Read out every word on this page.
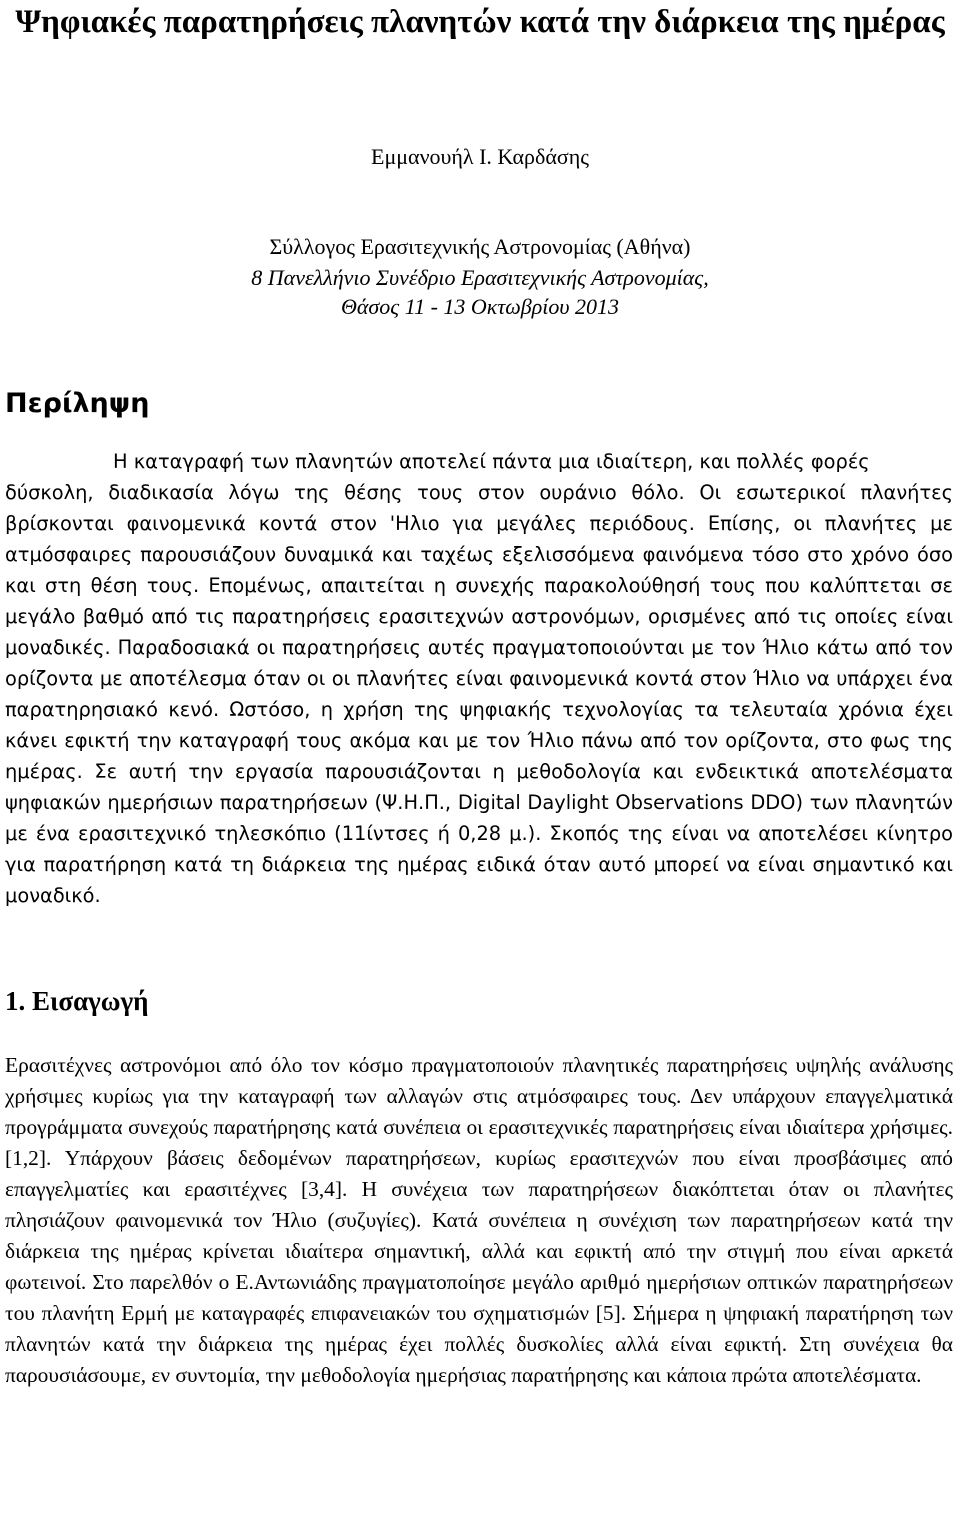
Ψηφιακές παρατηρήσεις πλανητών κατά την διάρκεια της ημέρας

Εμμανουήλ Ι. Καρδάσης

Σύλλογος Ερασιτεχνικής Αστρονομίας (Αθήνα)

8 Πανελλήνιο Συνέδριο Ερασιτεχνικής Αστρονομίας,

Θάσος 11 - 13 Οκτωβρίου 2013

Περίληψη

Η καταγραφή των πλανητών αποτελεί πάντα μια ιδιαίτερη, και πολλές φορές
δύσκολη, διαδικασία λόγω της θέσης τους στον ουράνιο θόλο. Οι εσωτερικοί πλανήτες βρίσκονται φαινομενικά κοντά στον 'Ηλιο για μεγάλες περιόδους. Επίσης, οι πλανήτες με ατμόσφαιρες παρουσιάζουν δυναμικά και ταχέως εξελισσόμενα φαινόμενα τόσο στο χρόνο όσο και στη θέση τους. Επομένως, απαιτείται η συνεχής παρακολούθησή τους που καλύπτεται σε μεγάλο βαθμό από τις παρατηρήσεις ερασιτεχνών αστρονόμων, ορισμένες από τις οποίες είναι μοναδικές. Παραδοσιακά οι παρατηρήσεις αυτές πραγματοποιούνται με τον Ήλιο κάτω από τον ορίζοντα με αποτέλεσμα όταν οι οι πλανήτες είναι φαινομενικά κοντά στον Ήλιο να υπάρχει ένα παρατηρησιακό κενό. Ωστόσο, η χρήση της ψηφιακής τεχνολογίας τα τελευταία χρόνια έχει κάνει εφικτή την καταγραφή τους ακόμα και με τον Ήλιο πάνω από τον ορίζοντα, στο φως της ημέρας. Σε αυτή την εργασία παρουσιάζονται η μεθοδολογία και ενδεικτικά αποτελέσματα ψηφιακών ημερήσιων παρατηρήσεων (Ψ.Η.Π., Digital Daylight Observations DDO) των πλανητών με ένα ερασιτεχνικό τηλεσκόπιο (11ίντσες ή 0,28 μ.). Σκοπός της είναι να αποτελέσει κίνητρο για παρατήρηση κατά τη διάρκεια της ημέρας ειδικά όταν αυτό μπορεί να είναι σημαντικό και μοναδικό.

1. Εισαγωγή

Ερασιτέχνες αστρονόμοι από όλο τον κόσμο πραγματοποιούν πλανητικές παρατηρήσεις υψηλής ανάλυσης χρήσιμες κυρίως για την καταγραφή των αλλαγών στις ατμόσφαιρες τους. Δεν υπάρχουν επαγγελματικά προγράμματα συνεχούς παρατήρησης κατά συνέπεια οι ερασιτεχνικές παρατηρήσεις είναι ιδιαίτερα χρήσιμες. [1,2]. Υπάρχουν βάσεις δεδομένων παρατηρήσεων, κυρίως ερασιτεχνών που είναι προσβάσιμες από επαγγελματίες και ερασιτέχνες [3,4]. Η συνέχεια των παρατηρήσεων διακόπτεται όταν οι πλανήτες πλησιάζουν φαινομενικά τον Ήλιο (συζυγίες). Κατά συνέπεια η συνέχιση των παρατηρήσεων κατά την διάρκεια της ημέρας κρίνεται ιδιαίτερα σημαντική, αλλά και εφικτή από την στιγμή που είναι αρκετά φωτεινοί. Στο παρελθόν ο Ε.Αντωνιάδης πραγματοποίησε μεγάλο αριθμό ημερήσιων οπτικών παρατηρήσεων του πλανήτη Ερμή με καταγραφές επιφανειακών του σχηματισμών [5]. Σήμερα η ψηφιακή παρατήρηση των πλανητών κατά την διάρκεια της ημέρας έχει πολλές δυσκολίες αλλά είναι εφικτή. Στη συνέχεια θα παρουσιάσουμε, εν συντομία, την μεθοδολογία ημερήσιας παρατήρησης και κάποια πρώτα αποτελέσματα.
